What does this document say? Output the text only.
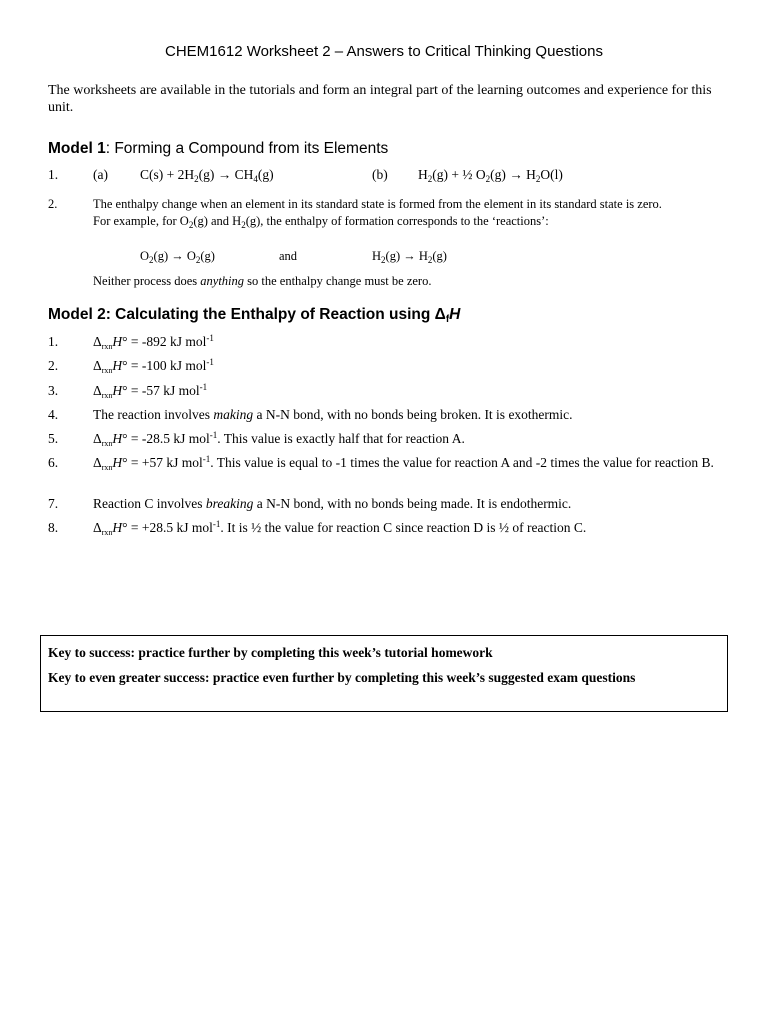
CHEM1612 Worksheet 2 – Answers to Critical Thinking Questions
The worksheets are available in the tutorials and form an integral part of the learning outcomes and experience for this unit.
Model 1: Forming a Compound from its Elements
1.	(a) $C(s) + 2H_2(g) \to CH_4(g)$	(b) $H_2(g)$ + ½ $O_2(g) \to H_2O(l)$
2.	The enthalpy change when an element in its standard state is formed from the element in its standard state is zero.
For example, for $O_2(g)$ and $H_2(g)$, the enthalpy of formation corresponds to the ‘reactions’:
$O_2(g) \to O_2(g)$	and	$H_2(g) \to H_2(g)$
Neither process does anything so the enthalpy change must be zero.
Model 2: Calculating the Enthalpy of Reaction using $\Delta_fH$
1.	$\Delta_{rxn}H^\circ = -892$ kJ mol$^{-1}$
2.	$\Delta_{rxn}H^\circ = -100$ kJ mol$^{-1}$
3.	$\Delta_{rxn}H^\circ = -57$ kJ mol$^{-1}$
4.	The reaction involves making a N-N bond, with no bonds being broken. It is exothermic.
5.	$\Delta_{rxn}H^\circ = -28.5$ kJ mol$^{-1}$. This value is exactly half that for reaction A.
6.	$\Delta_{rxn}H^\circ = +57$ kJ mol$^{-1}$. This value is equal to -1 times the value for reaction A and -2 times the value for reaction B.
7.	Reaction C involves breaking a N-N bond, with no bonds being made. It is endothermic.
8.	$\Delta_{rxn}H^\circ = +28.5$ kJ mol$^{-1}$. It is ½ the value for reaction C since reaction D is ½ of reaction C.

Key to success: practice further by completing this week’s tutorial homework

Key to even greater success: practice even further by completing this week’s suggested exam questions
